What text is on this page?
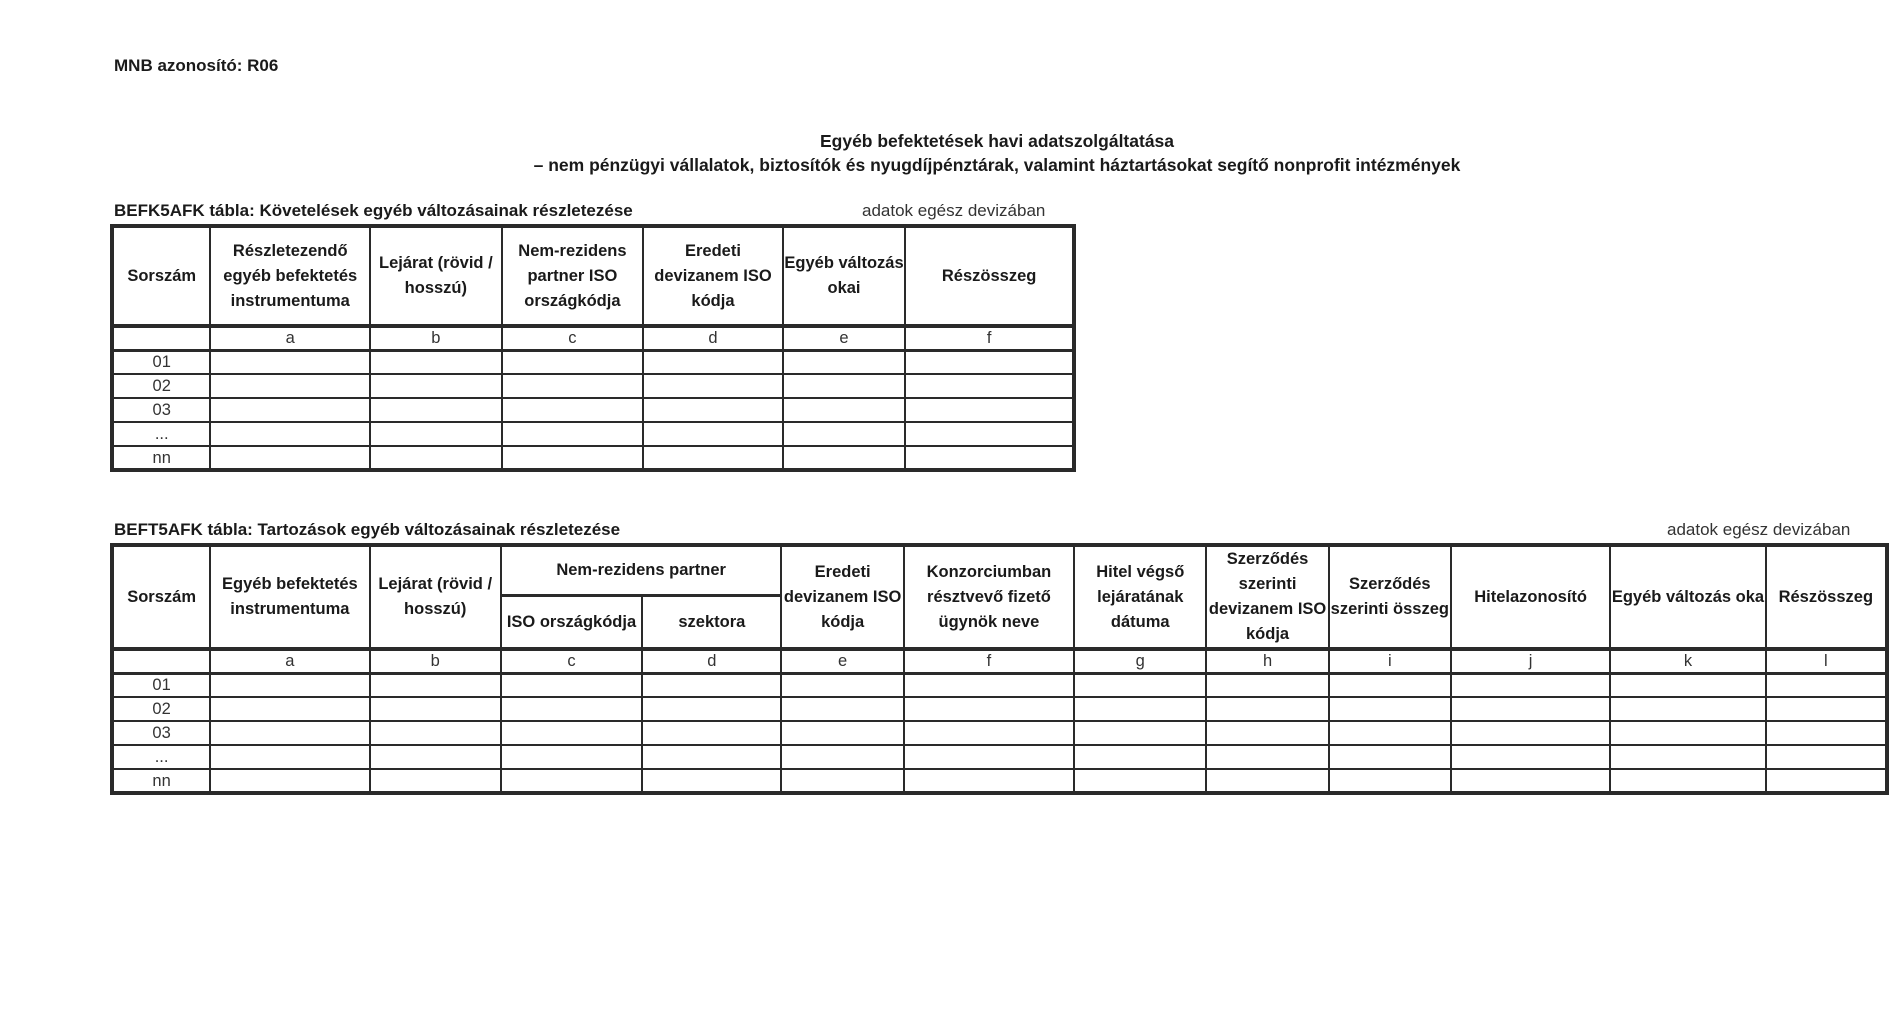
MNB azonosító: R06
Egyéb befektetések havi adatszolgáltatása
– nem pénzügyi vállalatok, biztosítók és nyugdíjpénztárak, valamint háztartásokat segítő nonprofit intézmények
BEFK5AFK tábla: Követelések egyéb változásainak részletezése	adatok egész devizában
Sorszám	Részletezendő egyéb befektetés instrumentuma	Lejárat (rövid / hosszú)	Nem-rezidens partner ISO országkódja	Eredeti devizanem ISO kódja	Egyéb változás okai	Részösszeg
	a	b	c	d	e	f
01						
02						
03						
...						
nn						
BEFT5AFK tábla: Tartozások egyéb változásainak részletezése	adatok egész devizában
Sorszám	Egyéb befektetés instrumentuma	Lejárat (rövid / hosszú)	Nem-rezidens partner		Eredeti devizanem ISO kódja	Konzorciumban résztvevő fizető ügynök neve	Hitel végső lejáratának dátuma	Szerződés szerinti devizanem ISO kódja	Szerződés szerinti összeg	Hitelazonosító	Egyéb változás oka	Részösszeg
			ISO országkódja	szektora								
	a	b	c	d	e	f	g	h	i	j	k	l
01												
02												
03												
...												
nn												
